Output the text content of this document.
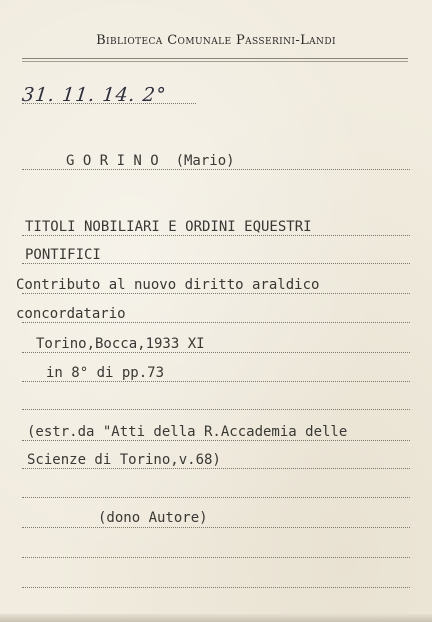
Biblioteca Comunale Passerini-Landi
31. 11. 14. 2°
G O R I N O  (Mario)
TITOLI NOBILIARI E ORDINI EQUESTRI
PONTIFICI
Contributo al nuovo diritto araldico
concordatario
Torino,Bocca,1933 XI
in 8° di pp.73
(estr.da "Atti della R.Accademia delle
Scienze di Torino,v.68)
(dono Autore)
